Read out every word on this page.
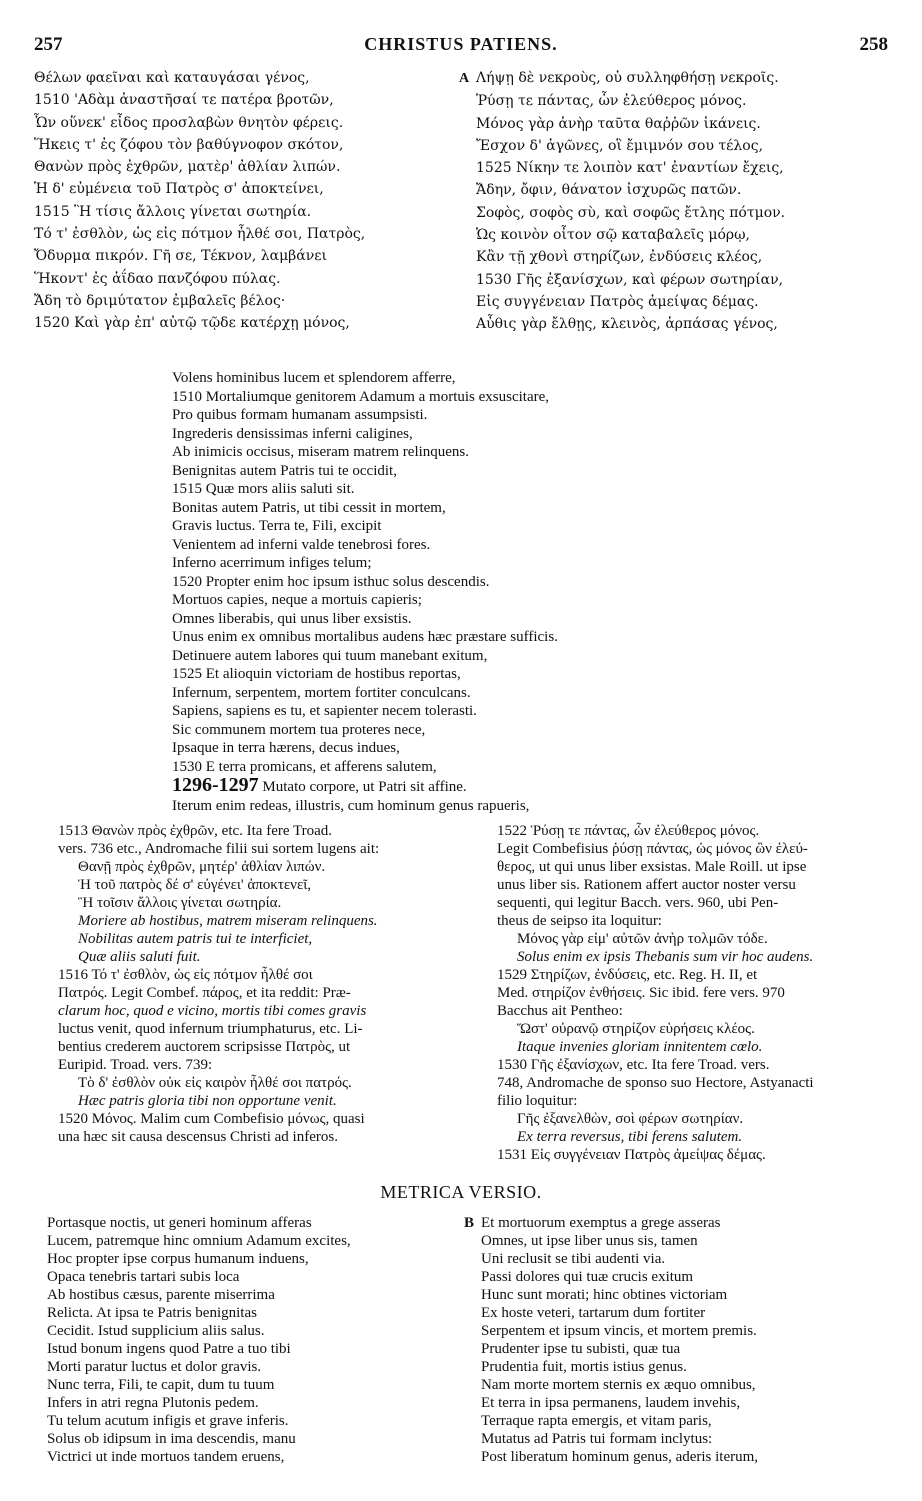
257	CHRISTUS PATIENS.	258
Θέλων φαεῖναι καὶ καταυγάσαι γένος,
1510 'Αδὰμ ἀναστῆσαί τε πατέρα βροτῶν,
Ὧν οὕνεκ' εἶδος προσλαβὼν θνητὸν φέρεις.
Ἥκεις τ' ἐς ζόφου τὸν βαθύγνοφον σκότον,
Θανὼν πρὸς ἐχθρῶν, ματὲρ' ἀθλίαν λιπών.
Ἡ δ' εὐμένεια τοῦ Πατρὸς σ' ἀποκτείνει,
1515 Ἣ τίσις ἄλλοις γίνεται σωτηρία.
Τό τ' ἐσθλὸν, ὡς εἰς πότμον ἦλθέ σοι, Πατρὸς,
Ὄδυρμα πικρόν. Γῆ σε, Τέκνον, λαμβάνει
Ἥκοντ' ἐς ἀΐδαο πανζόφου πύλας.
Ἄδη τὸ δριμύτατον ἐμβαλεῖς βέλος·
1520 Καὶ γὰρ ἐπ' αὐτῷ τῷδε κατέρχῃ μόνος,
A Λήψῃ δὲ νεκροὺς, οὐ συλληφθήσῃ νεκροῖς.
Ῥύσῃ τε πάντας, ὧν ἐλεύθερος μόνος.
Μόνος γὰρ ἀνὴρ ταῦτα θαῤῥῶν ἱκάνεις.
Ἔσχον δ' ἀγῶνες, οἳ ἔμιμνόν σου τέλος,
1525 Νίκην τε λοιπὸν κατ' ἐναντίων ἔχεις,
Ἄδην, ὄφιν, θάνατον ἰσχυρῶς πατῶν.
Σοφὸς, σοφὸς σὺ, καὶ σοφῶς ἔτλης πότμον.
Ὡς κοινὸν οἶτον σῷ καταβαλεῖς μόρῳ,
Κἂν τῇ χθονὶ στηρίζων, ἐνδύσεις κλέος,
1530 Γῆς ἐξανίσχων, καὶ φέρων σωτηρίαν,
Εἰς συγγένειαν Πατρὸς ἀμείψας δέμας.
Αὖθις γὰρ ἔλθῃς, κλεινὸς, ἁρπάσας γένος,
Volens hominibus lucem et splendorem afferre,
1510 Mortaliumque genitorem Adamum a mortuis exsuscitare,
Pro quibus formam humanam assumpsisti.
Ingrederis densissimas inferni caligines,
Ab inimicis occisus, miseram matrem relinquens.
Benignitas autem Patris tui te occidit,
1515 Quæ mors aliis saluti sit.
Bonitas autem Patris, ut tibi cessit in mortem,
Gravis luctus. Terra te, Fili, excipit
Venientem ad inferni valde tenebrosi fores.
Inferno acerrimum infiges telum;
1520 Propter enim hoc ipsum isthuc solus descendis.
Mortuos capies, neque a mortuis capieris;
Omnes liberabis, qui unus liber exsistis.
Unus enim ex omnibus mortalibus audens hæc præstare sufficis.
Detinuere autem labores qui tuum manebant exitum,
1525 Et alioquin victoriam de hostibus reportas,
Infernum, serpentem, mortem fortiter conculcans.
Sapiens, sapiens es tu, et sapienter necem tolerasti.
Sic communem mortem tua proteres nece,
Ipsaque in terra hærens, decus indues,
1530 E terra promicans, et afferens salutem,
1296-1297 Mutato corpore, ut Patri sit affine.
Iterum enim redeas, illustris, cum hominum genus rapueris,
1513 Θανὼν πρὸς ἐχθρῶν, etc. Ita fere Troad.
vers. 736 etc., Andromache filii sui sortem lugens ait:
Θανῇ πρὸς ἐχθρῶν, μητέρ' ἀθλίαν λιπών.
Ἡ τοῦ πατρὸς δέ σ' εὐγένει' ἀποκτενεῖ,
Ἣ τοῖσιν ἄλλοις γίνεται σωτηρία.
Moriere ab hostibus, matrem miseram relinquens.
Nobilitas autem patris tui te interficiet,
Quæ aliis saluti fuit.
1516 Τό τ' ἐσθλὸν, ὡς εἰς πότμον ἦλθέ σοι
Πατρός. Legit Combef. πάρος, et ita reddit: Præ-
clarum hoc, quod e vicino, mortis tibi comes gravis
luctus venit, quod infernum triumphaturus, etc. Li-
bentius crederem auctorem scripsisse Πατρὸς, ut
Euripid. Troad. vers. 739:
Τὸ δ' ἐσθλὸν οὐκ εἰς καιρὸν ἦλθέ σοι πατρός.
Hæc patris gloria tibi non opportune venit.
1520 Μόνος. Malim cum Combefisio μόνως, quasi
una hæc sit causa descensus Christi ad inferos.
1522 Ῥύσῃ τε πάντας, ὧν ἐλεύθερος μόνος.
Legit Combefisius ῥύσῃ πάντας, ὡς μόνος ὢν ἐλεύ-
θερος, ut qui unus liber exsistas. Male Roill. ut ipse
unus liber sis. Rationem affert auctor noster versu
sequenti, qui legitur Bacch. vers. 960, ubi Pen-
theus de seipso ita loquitur:
Μόνος γὰρ εἰμ' αὐτῶν ἀνὴρ τολμῶν τόδε.
Solus enim ex ipsis Thebanis sum vir hoc audens.
1529 Στηρίζων, ἐνδύσεις, etc. Reg. H. II, et
Med. στηρίζον ἐνθήσεις. Sic ibid. fere vers. 970
Bacchus ait Pentheo:
Ὥστ' οὐρανῷ στηρίζον εὑρήσεις κλέος.
Itaque invenies gloriam innitentem cœlo.
1530 Γῆς ἐξανίσχων, etc. Ita fere Troad. vers.
748, Andromache de sponso suo Hectore, Astyanacti
filio loquitur:
Γῆς ἐξανελθὼν, σοὶ φέρων σωτηρίαν.
Ex terra reversus, tibi ferens salutem.
1531 Εἰς συγγένειαν Πατρὸς ἀμείψας δέμας.
METRICA VERSIO.
Portasque noctis, ut generi hominum afferas
Lucem, patremque hinc omnium Adamum excites,
Hoc propter ipse corpus humanum induens,
Opaca tenebris tartari subis loca
Ab hostibus cæsus, parente miserrima
Relicta. At ipsa te Patris benignitas
Cecidit. Istud supplicium aliis salus.
Istud bonum ingens quod Patre a tuo tibi
Morti paratur luctus et dolor gravis.
Nunc terra, Fili, te capit, dum tu tuum
Infers in atri regna Plutonis pedem.
Tu telum acutum infigis et grave inferis.
Solus ob idipsum in ima descendis, manu
Victrici ut inde mortuos tandem eruens,
B Et mortuorum exemptus a grege asseras
Omnes, ut ipse liber unus sis, tamen
Uni reclusit se tibi audenti via.
Passi dolores qui tuæ crucis exitum
Hunc sunt morati; hinc obtines victoriam
Ex hoste veteri, tartarum dum fortiter
Serpentem et ipsum vincis, et mortem premis.
Prudenter ipse tu subisti, quæ tua
Prudentia fuit, mortis istius genus.
Nam morte mortem sternis ex æquo omnibus,
Et terra in ipsa permanens, laudem invehis,
Terraque rapta emergis, et vitam paris,
Mutatus ad Patris tui formam inclytus:
Post liberatum hominum genus, aderis iterum,
